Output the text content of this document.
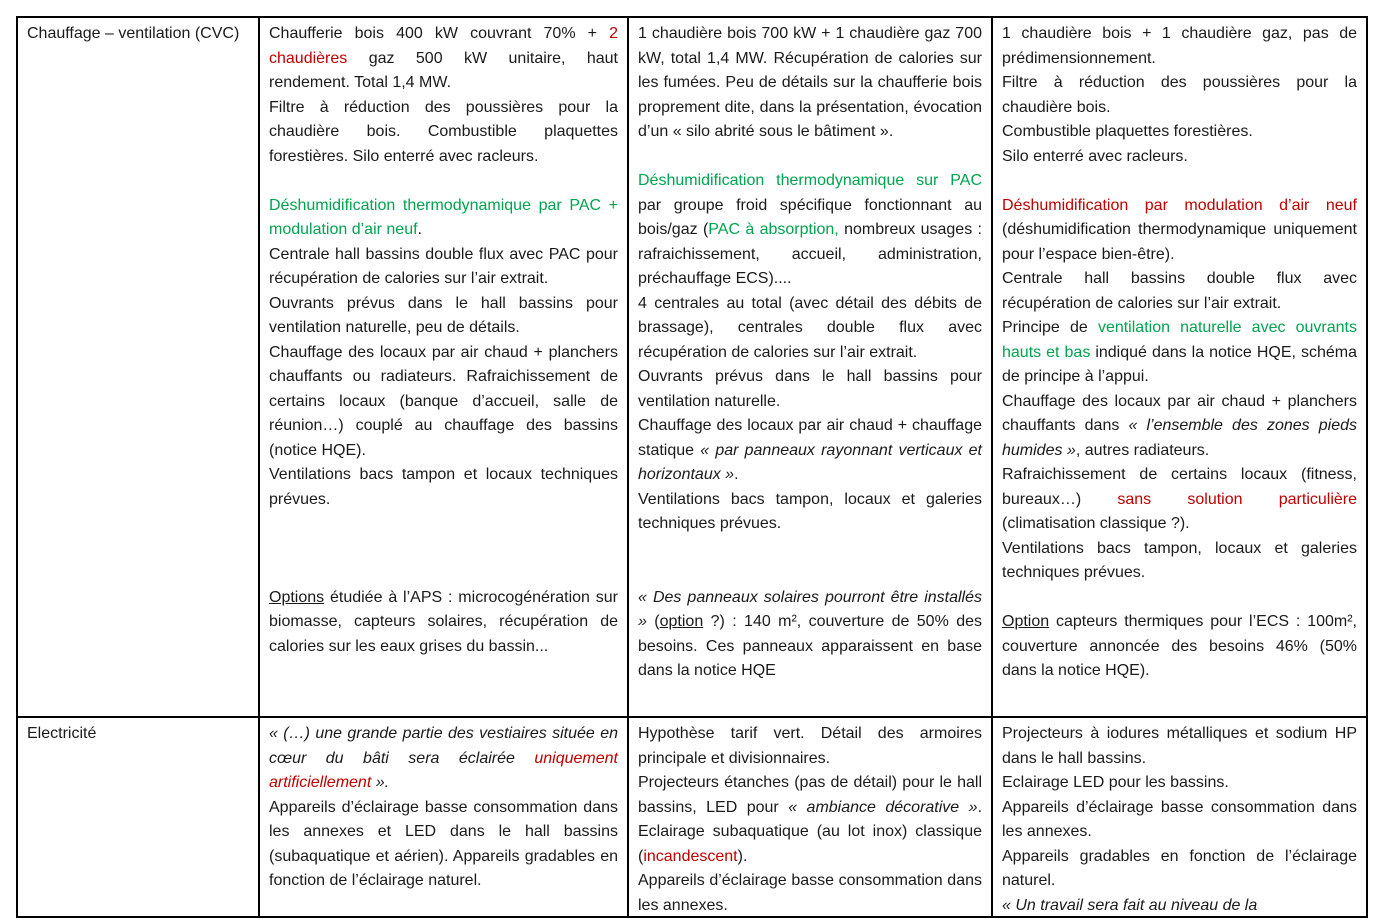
Chauffage – ventilation (CVC)	Chaufferie bois 400 kW couvrant 70% + 2 chaudières gaz 500 kW unitaire, haut rendement. Total 1,4 MW.

Filtre à réduction des poussières pour la chaudière bois. Combustible plaquettes forestières. Silo enterré avec racleurs.

Déshumidification thermodynamique par PAC + modulation d’air neuf.

Centrale hall bassins double flux avec PAC pour récupération de calories sur l’air extrait.

Ouvrants prévus dans le hall bassins pour ventilation naturelle, peu de détails.

Chauffage des locaux par air chaud + planchers chauffants ou radiateurs. Rafraichissement de certains locaux (banque d’accueil, salle de réunion…) couplé au chauffage des bassins (notice HQE).

Ventilations bacs tampon et locaux techniques prévues.

Options étudiée à l’APS : microcogénération sur biomasse, capteurs solaires, récupération de calories sur les eaux grises du bassin...

1 chaudière bois 700 kW + 1 chaudière gaz 700 kW, total 1,4 MW. Récupération de calories sur les fumées. Peu de détails sur la chaufferie bois proprement dite, dans la présentation, évocation d’un « silo abrité sous le bâtiment ».

Déshumidification thermodynamique sur PAC par groupe froid spécifique fonctionnant au bois/gaz (PAC à absorption, nombreux usages : rafraichissement, accueil, administration, préchauffage ECS)....

4 centrales au total (avec détail des débits de brassage), centrales double flux avec récupération de calories sur l’air extrait.

Ouvrants prévus dans le hall bassins pour ventilation naturelle.

Chauffage des locaux par air chaud + chauffage statique « par panneaux rayonnant verticaux et horizontaux ».

Ventilations bacs tampon, locaux et galeries techniques prévues.

« Des panneaux solaires pourront être installés » (option ?) : 140 m², couverture de 50% des besoins. Ces panneaux apparaissent en base dans la notice HQE

1 chaudière bois + 1 chaudière gaz, pas de prédimensionnement.

Filtre à réduction des poussières pour la chaudière bois.

Combustible plaquettes forestières.

Silo enterré avec racleurs.

Déshumidification par modulation d’air neuf (déshumidification thermodynamique uniquement pour l’espace bien-être).

Centrale hall bassins double flux avec récupération de calories sur l’air extrait.

Principe de ventilation naturelle avec ouvrants hauts et bas indiqué dans la notice HQE, schéma de principe à l’appui.

Chauffage des locaux par air chaud + planchers chauffants dans « l’ensemble des zones pieds humides », autres radiateurs.

Rafraichissement de certains locaux (fitness, bureaux…) sans solution particulière (climatisation classique ?).

Ventilations bacs tampon, locaux et galeries techniques prévues.

Option capteurs thermiques pour l’ECS : 100m², couverture annoncée des besoins 46% (50% dans la notice HQE).

Electricité	« (…) une grande partie des vestiaires située en cœur du bâti sera éclairée uniquement artificiellement ».

Appareils d’éclairage basse consommation dans les annexes et LED dans le hall bassins (subaquatique et aérien). Appareils gradables en fonction de l’éclairage naturel.

Hypothèse tarif vert. Détail des armoires principale et divisionnaires.

Projecteurs étanches (pas de détail) pour le hall bassins, LED pour « ambiance décorative ». Eclairage subaquatique (au lot inox) classique (incandescent).

Appareils d’éclairage basse consommation dans les annexes.

Projecteurs à iodures métalliques et sodium HP dans le hall bassins.

Eclairage LED pour les bassins.

Appareils d’éclairage basse consommation dans les annexes.

Appareils gradables en fonction de l’éclairage naturel.

« Un travail sera fait au niveau de la
